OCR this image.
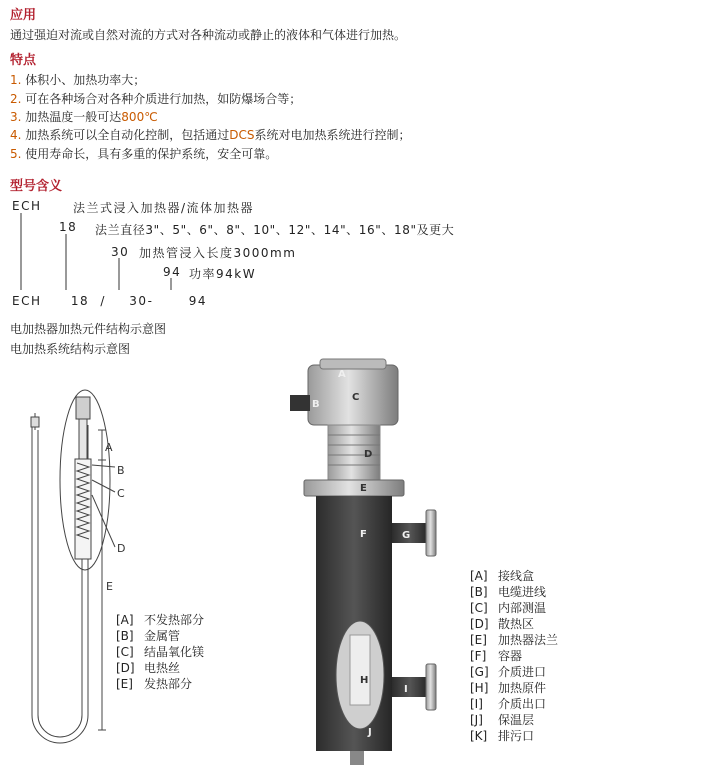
应用
通过强迫对流或自然对流的方式对各种流动或静止的液体和气体进行加热。
特点
1. 体积小、加热功率大；
2. 可在各种场合对各种介质进行加热，如防爆场合等；
3. 加热温度一般可达800℃
4. 加热系统可以全自动化控制，包括通过DCS系统对电加热系统进行控制；
5. 使用寿命长，具有多重的保护系统，安全可靠。
型号含义
ECH	法兰式浸入加热器/流体加热器
18 法兰直径3"、5"、6"、8"、10"、12"、14"、16"、18"及更大
30 加热管浸入长度3000mm
94 功率94kW
ECH 18 / 30-	94
电加热器加热元件结构示意图
电加热系统结构示意图
A
B
C
D
E
[A] 不发热部分
[B] 金属管
[C] 结晶氧化镁
[D] 电热丝
[E] 发热部分
A
B
C
D
E
F	G
H
I
J
[A] 接线盒
[B] 电缆进线
[C] 内部测温
[D] 散热区
[E] 加热器法兰
[F] 容器
[G] 介质进口
[H] 加热原件
[I]	介质出口
[J]	保温层
[K] 排污口
